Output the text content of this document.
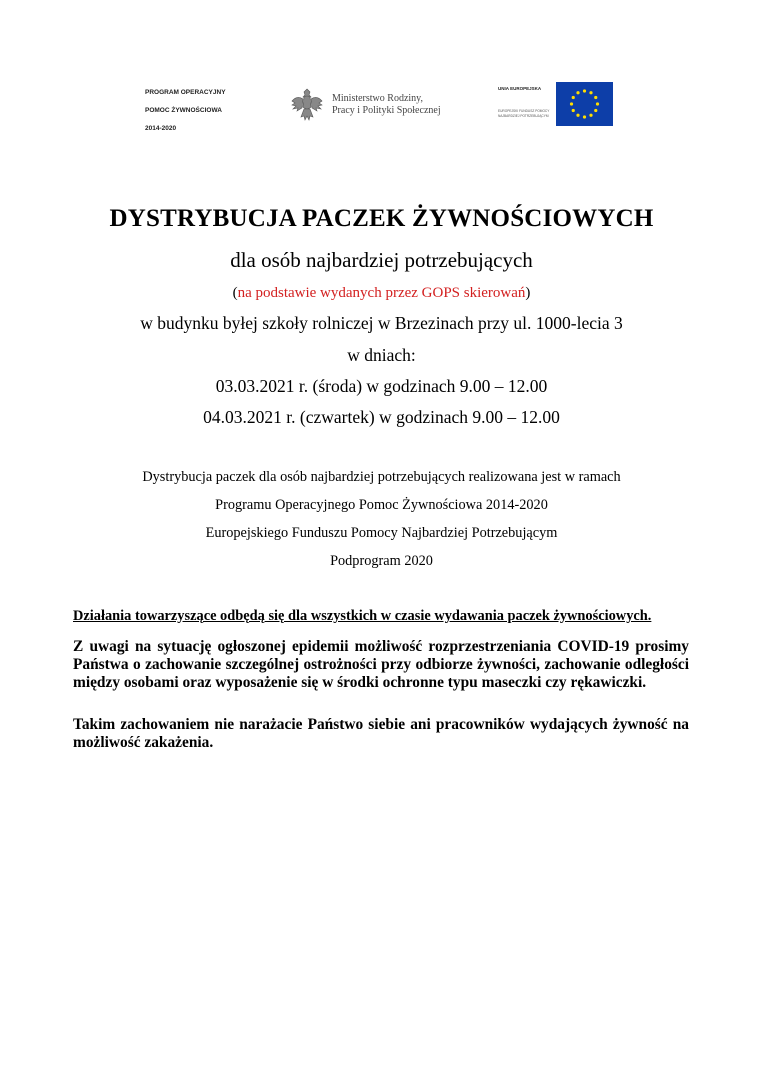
PROGRAM OPERACYJNY
POMOC ŻYWNOŚCIOWA
2014-2020
Ministerstwo Rodziny,
Pracy i Polityki Społecznej
UNIA EUROPEJSKA
EUROPEJSKI FUNDUSZ POMOCY NAJBARDZIEJ POTRZEBUJĄCYM
DYSTRYBUCJA PACZEK ŻYWNOŚCIOWYCH
dla osób najbardziej potrzebujących
(na podstawie wydanych przez GOPS skierowań)
w budynku byłej szkoły rolniczej w Brzezinach przy ul. 1000-lecia 3
w dniach:
03.03.2021 r. (środa) w godzinach 9.00 – 12.00
04.03.2021 r. (czwartek) w godzinach 9.00 – 12.00
Dystrybucja paczek dla osób najbardziej potrzebujących realizowana jest w ramach
Programu Operacyjnego Pomoc Żywnościowa 2014-2020
Europejskiego Funduszu Pomocy Najbardziej Potrzebującym
Podprogram 2020
Działania towarzyszące odbędą się dla wszystkich w czasie wydawania paczek żywnościowych.
Z uwagi na sytuację ogłoszonej epidemii możliwość rozprzestrzeniania COVID-19 prosimy Państwa o zachowanie szczególnej ostrożności przy odbiorze żywności, zachowanie odległości między osobami oraz wyposażenie się w środki ochronne typu maseczki czy rękawiczki.
Takim zachowaniem nie narażacie Państwo siebie ani pracowników wydających żywność na możliwość zakażenia.
